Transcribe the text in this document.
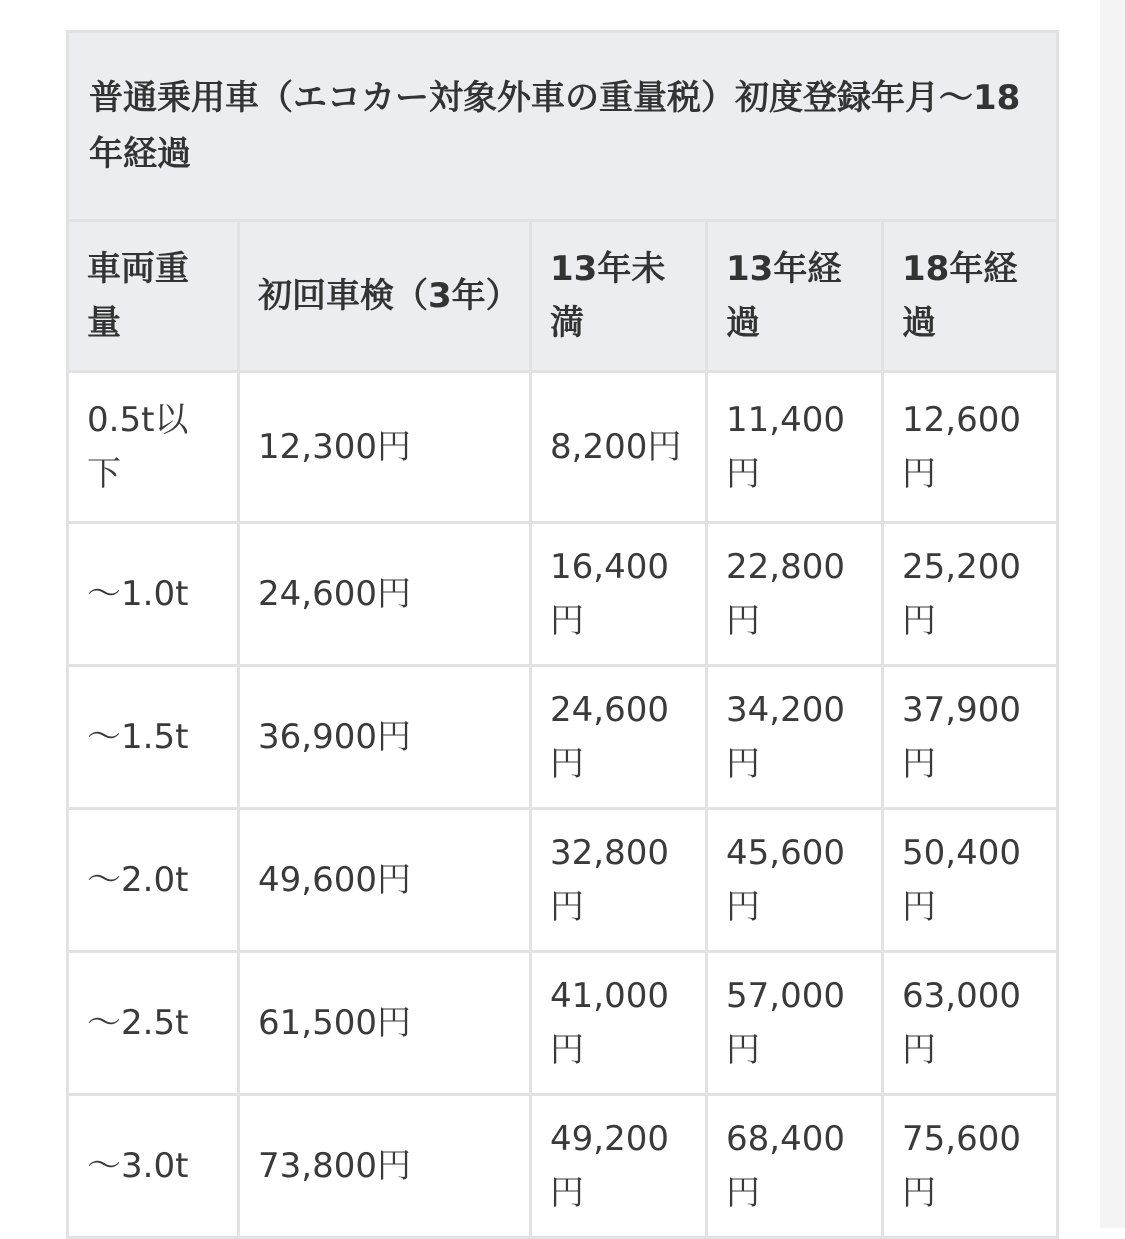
普通乗用車（エコカー対象外車の重量税）初度登録年月〜18年経過				
車両重量	初回車検（3年）	13年未満	13年経過	18年経過
0.5t以下	12,300円	8,200円	11,400円	12,600円
〜1.0t	24,600円	16,400円	22,800円	25,200円
〜1.5t	36,900円	24,600円	34,200円	37,900円
〜2.0t	49,600円	32,800円	45,600円	50,400円
〜2.5t	61,500円	41,000円	57,000円	63,000円
〜3.0t	73,800円	49,200円	68,400円	75,600円
